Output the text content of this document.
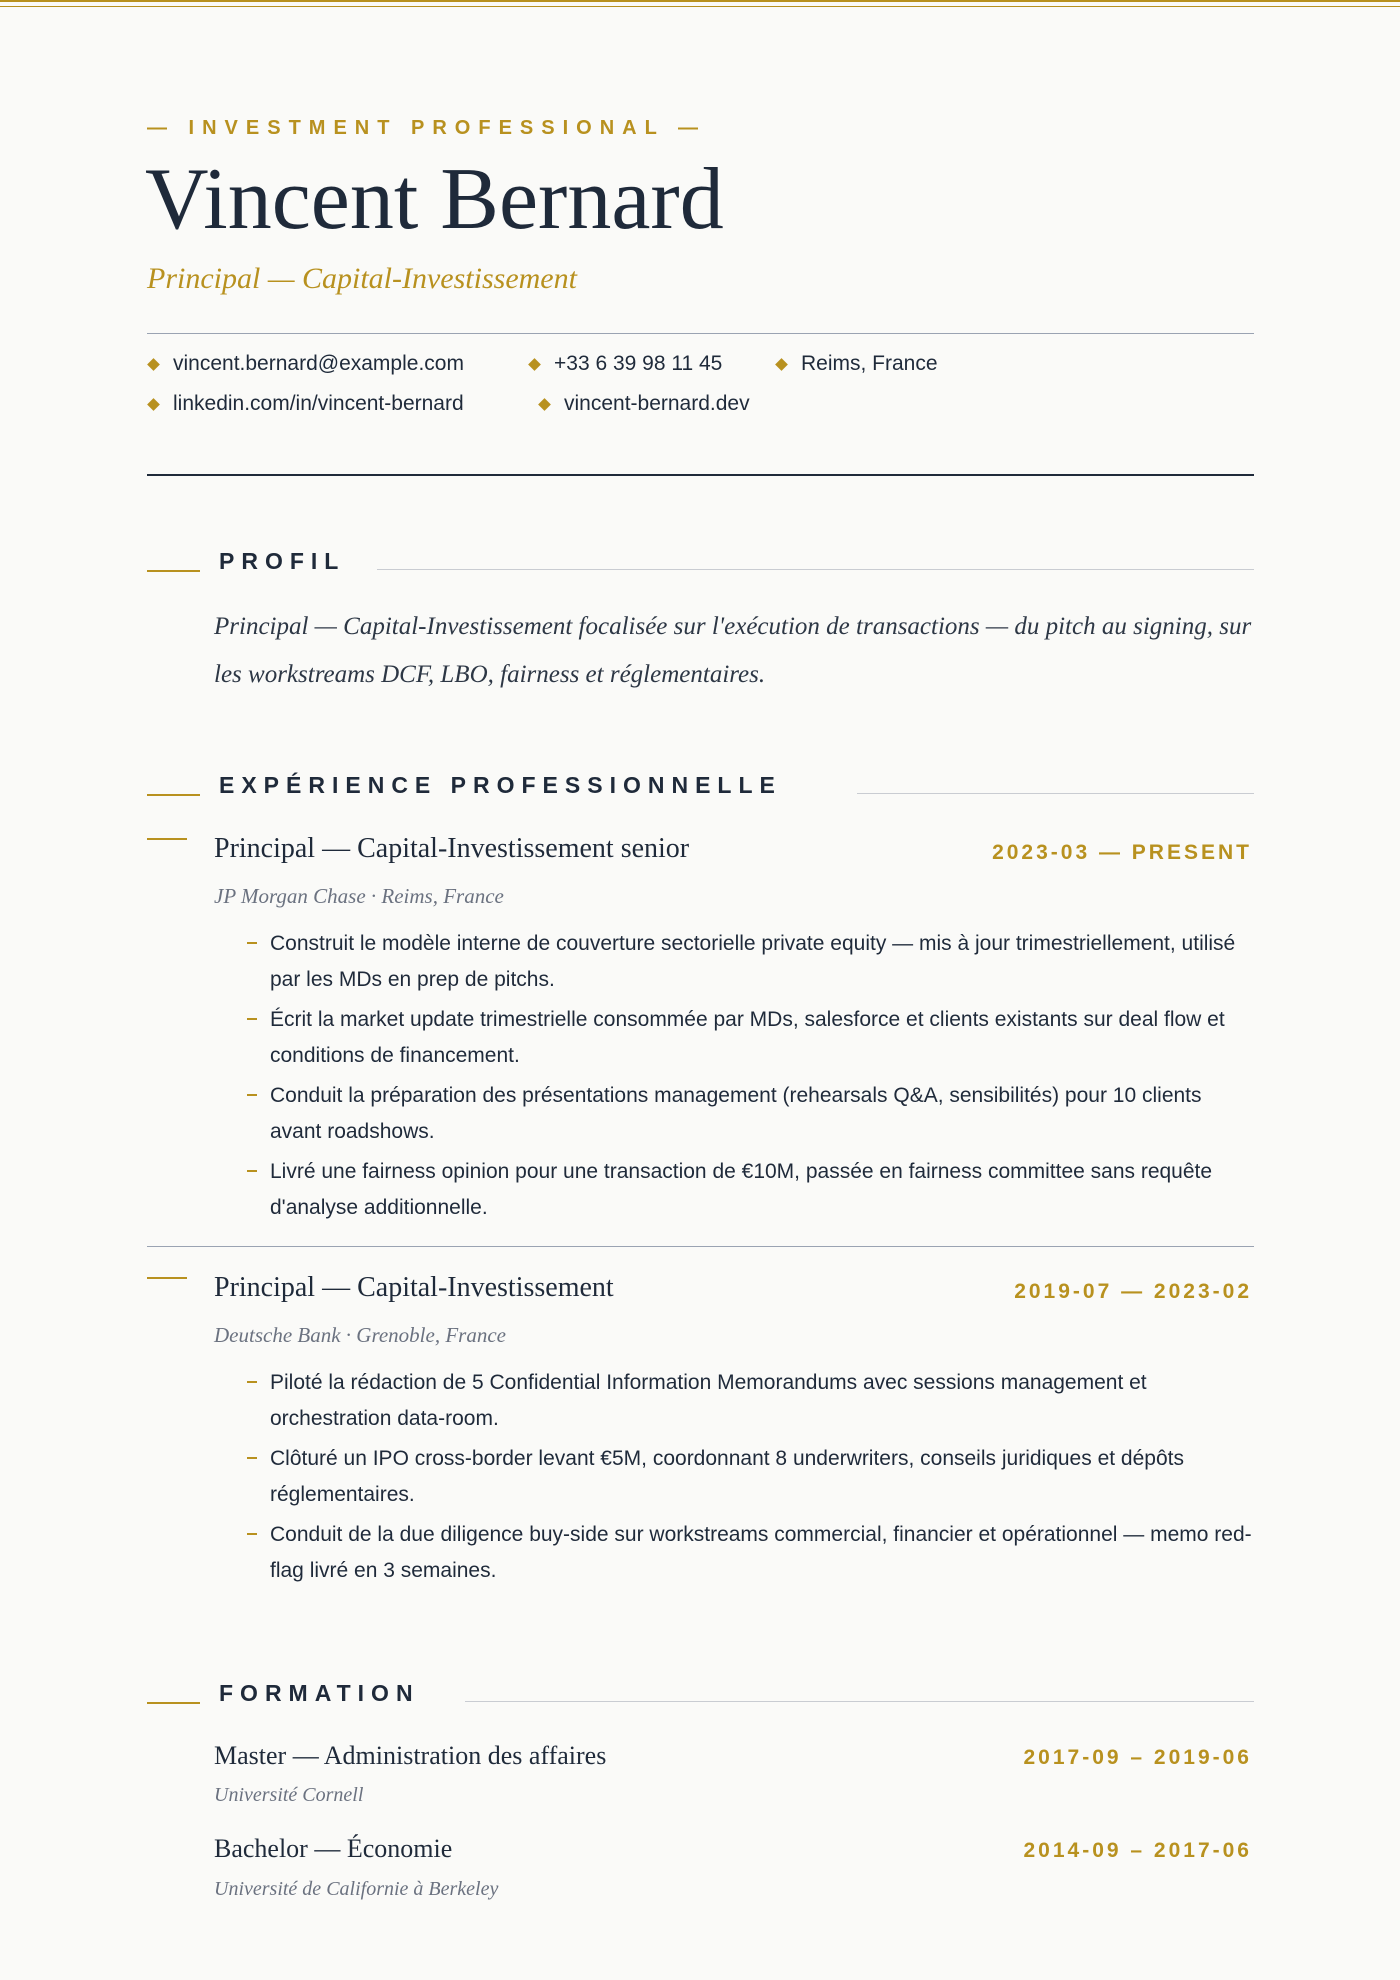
— INVESTMENT PROFESSIONAL —
Vincent Bernard
Principal — Capital-Investissement
vincent.bernard@example.com	+33 6 39 98 11 45	Reims, France
linkedin.com/in/vincent-bernard	vincent-bernard.dev
PROFIL
Principal — Capital-Investissement focalisée sur l'exécution de transactions — du pitch au signing, sur les workstreams DCF, LBO, fairness et réglementaires.
EXPÉRIENCE PROFESSIONNELLE
Principal — Capital-Investissement senior	2023-03 — PRESENT
JP Morgan Chase · Reims, France
Construit le modèle interne de couverture sectorielle private equity — mis à jour trimestriellement, utilisé par les MDs en prep de pitchs.
Écrit la market update trimestrielle consommée par MDs, salesforce et clients existants sur deal flow et conditions de financement.
Conduit la préparation des présentations management (rehearsals Q&A, sensibilités) pour 10 clients avant roadshows.
Livré une fairness opinion pour une transaction de €10M, passée en fairness committee sans requête d'analyse additionnelle.
Principal — Capital-Investissement	2019-07 — 2023-02
Deutsche Bank · Grenoble, France
Piloté la rédaction de 5 Confidential Information Memorandums avec sessions management et orchestration data-room.
Clôturé un IPO cross-border levant €5M, coordonnant 8 underwriters, conseils juridiques et dépôts réglementaires.
Conduit de la due diligence buy-side sur workstreams commercial, financier et opérationnel — memo red-flag livré en 3 semaines.
FORMATION
Master — Administration des affaires	2017-09 – 2019-06
Université Cornell
Bachelor — Économie	2014-09 – 2017-06
Université de Californie à Berkeley
